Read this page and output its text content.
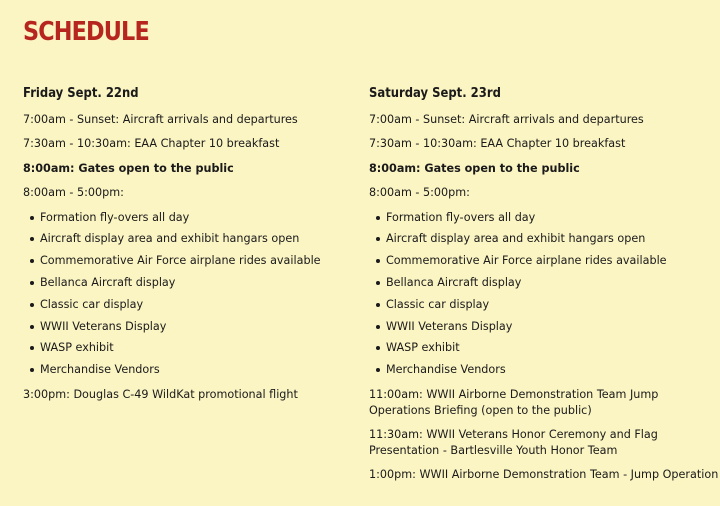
SCHEDULE
Friday Sept. 22nd

7:00am - Sunset: Aircraft arrivals and departures

7:30am - 10:30am: EAA Chapter 10 breakfast

8:00am: Gates open to the public

8:00am - 5:00pm:

Formation fly-overs all day
Aircraft display area and exhibit hangars open
Commemorative Air Force airplane rides available
Bellanca Aircraft display
Classic car display
WWII Veterans Display
WASP exhibit
Merchandise Vendors

3:00pm: Douglas C-49 WildKat promotional flight

Saturday Sept. 23rd

7:00am - Sunset: Aircraft arrivals and departures

7:30am - 10:30am: EAA Chapter 10 breakfast

8:00am: Gates open to the public

8:00am - 5:00pm:

Formation fly-overs all day
Aircraft display area and exhibit hangars open
Commemorative Air Force airplane rides available
Bellanca Aircraft display
Classic car display
WWII Veterans Display
WASP exhibit
Merchandise Vendors

11:00am: WWII Airborne Demonstration Team Jump Operations Briefing (open to the public)

11:30am: WWII Veterans Honor Ceremony and Flag Presentation - Bartlesville Youth Honor Team

1:00pm: WWII Airborne Demonstration Team - Jump Operation
